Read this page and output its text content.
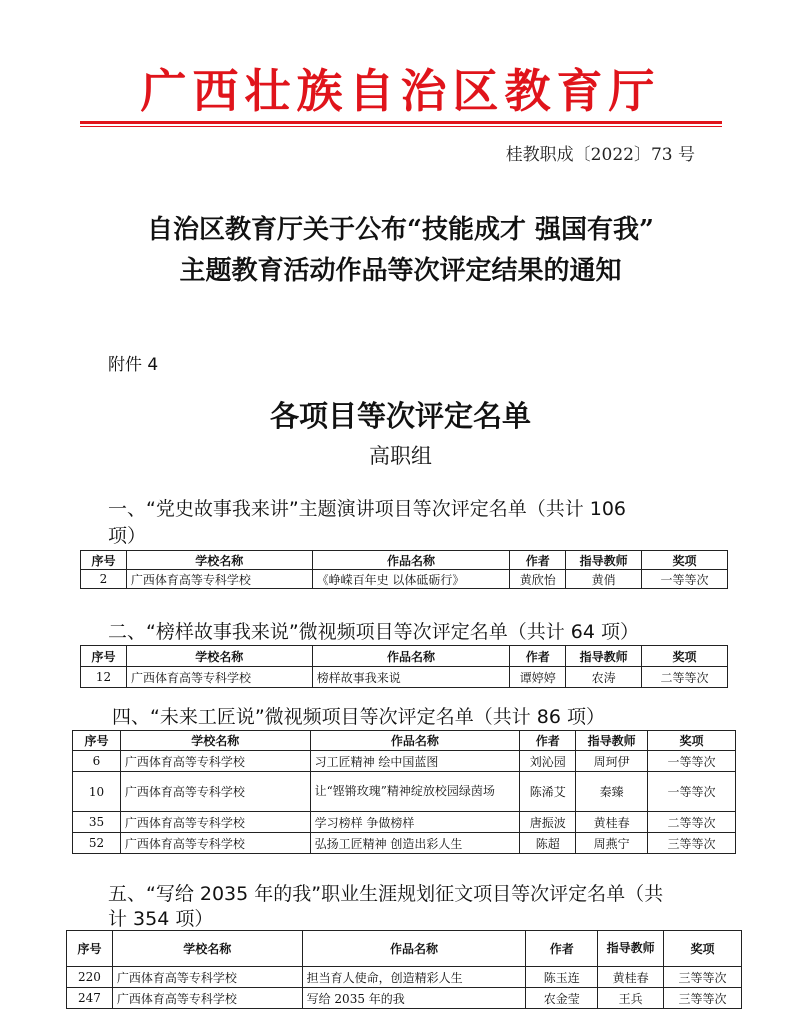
广西壮族自治区教育厅
桂教职成〔2022〕73 号
自治区教育厅关于公布“技能成才 强国有我”
主题教育活动作品等次评定结果的通知
附件 4
各项目等次评定名单
高职组
一、“党史故事我来讲”主题演讲项目等次评定名单（共计 106
项）
序号	学校名称	作品名称	作者	指导教师	奖项
2	广西体育高等专科学校	《峥嵘百年史 以体砥砺行》	黄欣怡	黄俏	一等等次
二、“榜样故事我来说”微视频项目等次评定名单（共计 64 项）
序号	学校名称	作品名称	作者	指导教师	奖项
12	广西体育高等专科学校	榜样故事我来说	谭婷婷	农涛	二等等次
四、“未来工匠说”微视频项目等次评定名单（共计 86 项）
序号	学校名称	作品名称	作者	指导教师	奖项
6	广西体育高等专科学校	习工匠精神 绘中国蓝图	刘沁园	周珂伊	一等等次
10	广西体育高等专科学校	让“铿锵玫瑰”精神绽放校园绿茵场	陈浠艾	秦臻	一等等次
35	广西体育高等专科学校	学习榜样 争做榜样	唐振波	黄桂春	二等等次
52	广西体育高等专科学校	弘扬工匠精神 创造出彩人生	陈超	周燕宁	三等等次
五、“写给 2035 年的我”职业生涯规划征文项目等次评定名单（共
计 354 项）
序号	学校名称	作品名称	作者	指导教师	奖项
220	广西体育高等专科学校	担当育人使命，创造精彩人生	陈玉连	黄桂春	三等等次
247	广西体育高等专科学校	写给 2035 年的我	农金莹	王兵	三等等次
